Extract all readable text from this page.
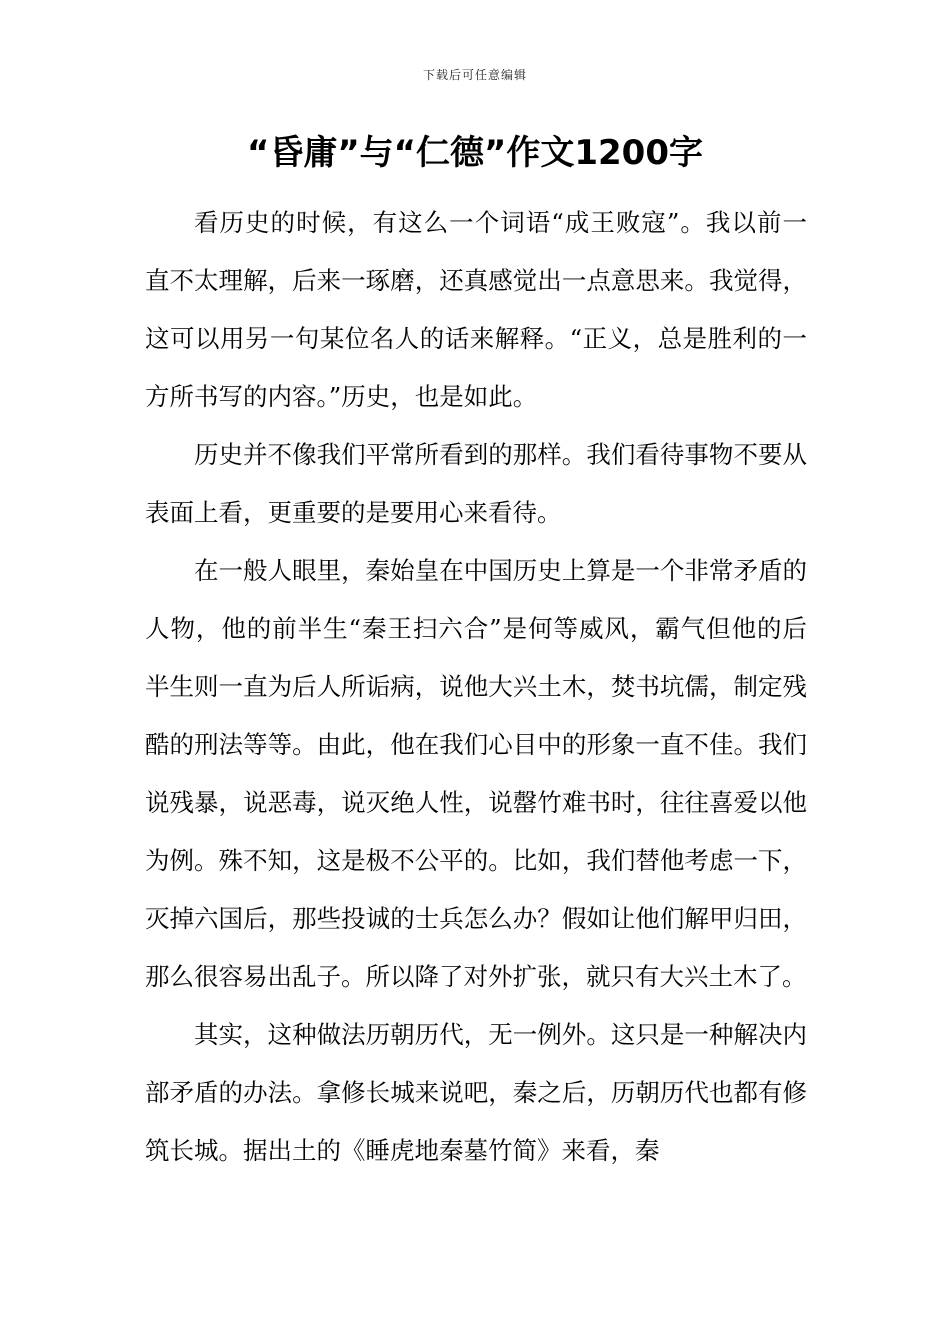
下载后可任意编辑
“昏庸”与“仁德”作文1200字

看历史的时候，有这么一个词语“成王败寇”。我以前一直不太理解，后来一琢磨，还真感觉出一点意思来。我觉得，这可以用另一句某位名人的话来解释。“正义，总是胜利的一方所书写的内容。”历史，也是如此。

历史并不像我们平常所看到的那样。我们看待事物不要从表面上看，更重要的是要用心来看待。

在一般人眼里，秦始皇在中国历史上算是一个非常矛盾的人物，他的前半生“秦王扫六合”是何等威风，霸气但他的后半生则一直为后人所诟病，说他大兴土木，焚书坑儒，制定残酷的刑法等等。由此，他在我们心目中的形象一直不佳。我们说残暴，说恶毒，说灭绝人性，说罄竹难书时，往往喜爱以他为例。殊不知，这是极不公平的。比如，我们替他考虑一下，灭掉六国后，那些投诚的士兵怎么办？假如让他们解甲归田，那么很容易出乱子。所以降了对外扩张，就只有大兴土木了。

其实，这种做法历朝历代，无一例外。这只是一种解决内部矛盾的办法。拿修长城来说吧，秦之后，历朝历代也都有修筑长城。据出土的《睡虎地秦墓竹简》来看，秦
